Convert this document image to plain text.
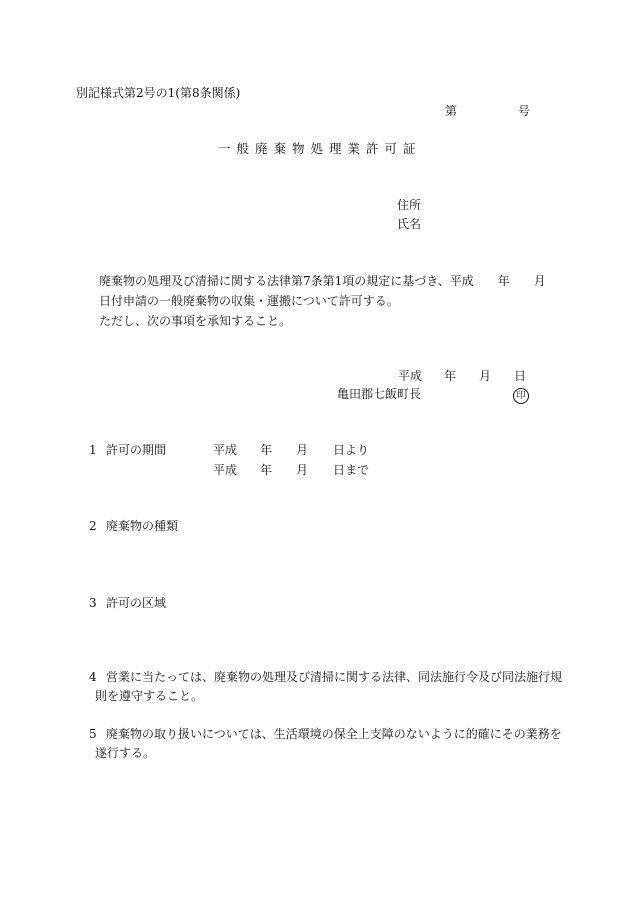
別記様式第2号の1(第8条関係)
第	号
一般廃棄物処理業許可証
住所
氏名
廃棄物の処理及び清掃に関する法律第7条第1項の規定に基づき、平成　　年　　月
日付申請の一般廃棄物の収集・運搬について許可する。
ただし、次の事項を承知すること。
平成 年 月 日
亀田郡七飯町長	印
1 許可の期間	平成 年 月 日より
平成 年 月 日まで
2 廃棄物の種類
3 許可の区域
4 営業に当たっては、廃棄物の処理及び清掃に関する法律、同法施行令及び同法施行規
則を遵守すること。
5 廃棄物の取り扱いについては、生活環境の保全上支障のないように的確にその業務を
遂行する。
